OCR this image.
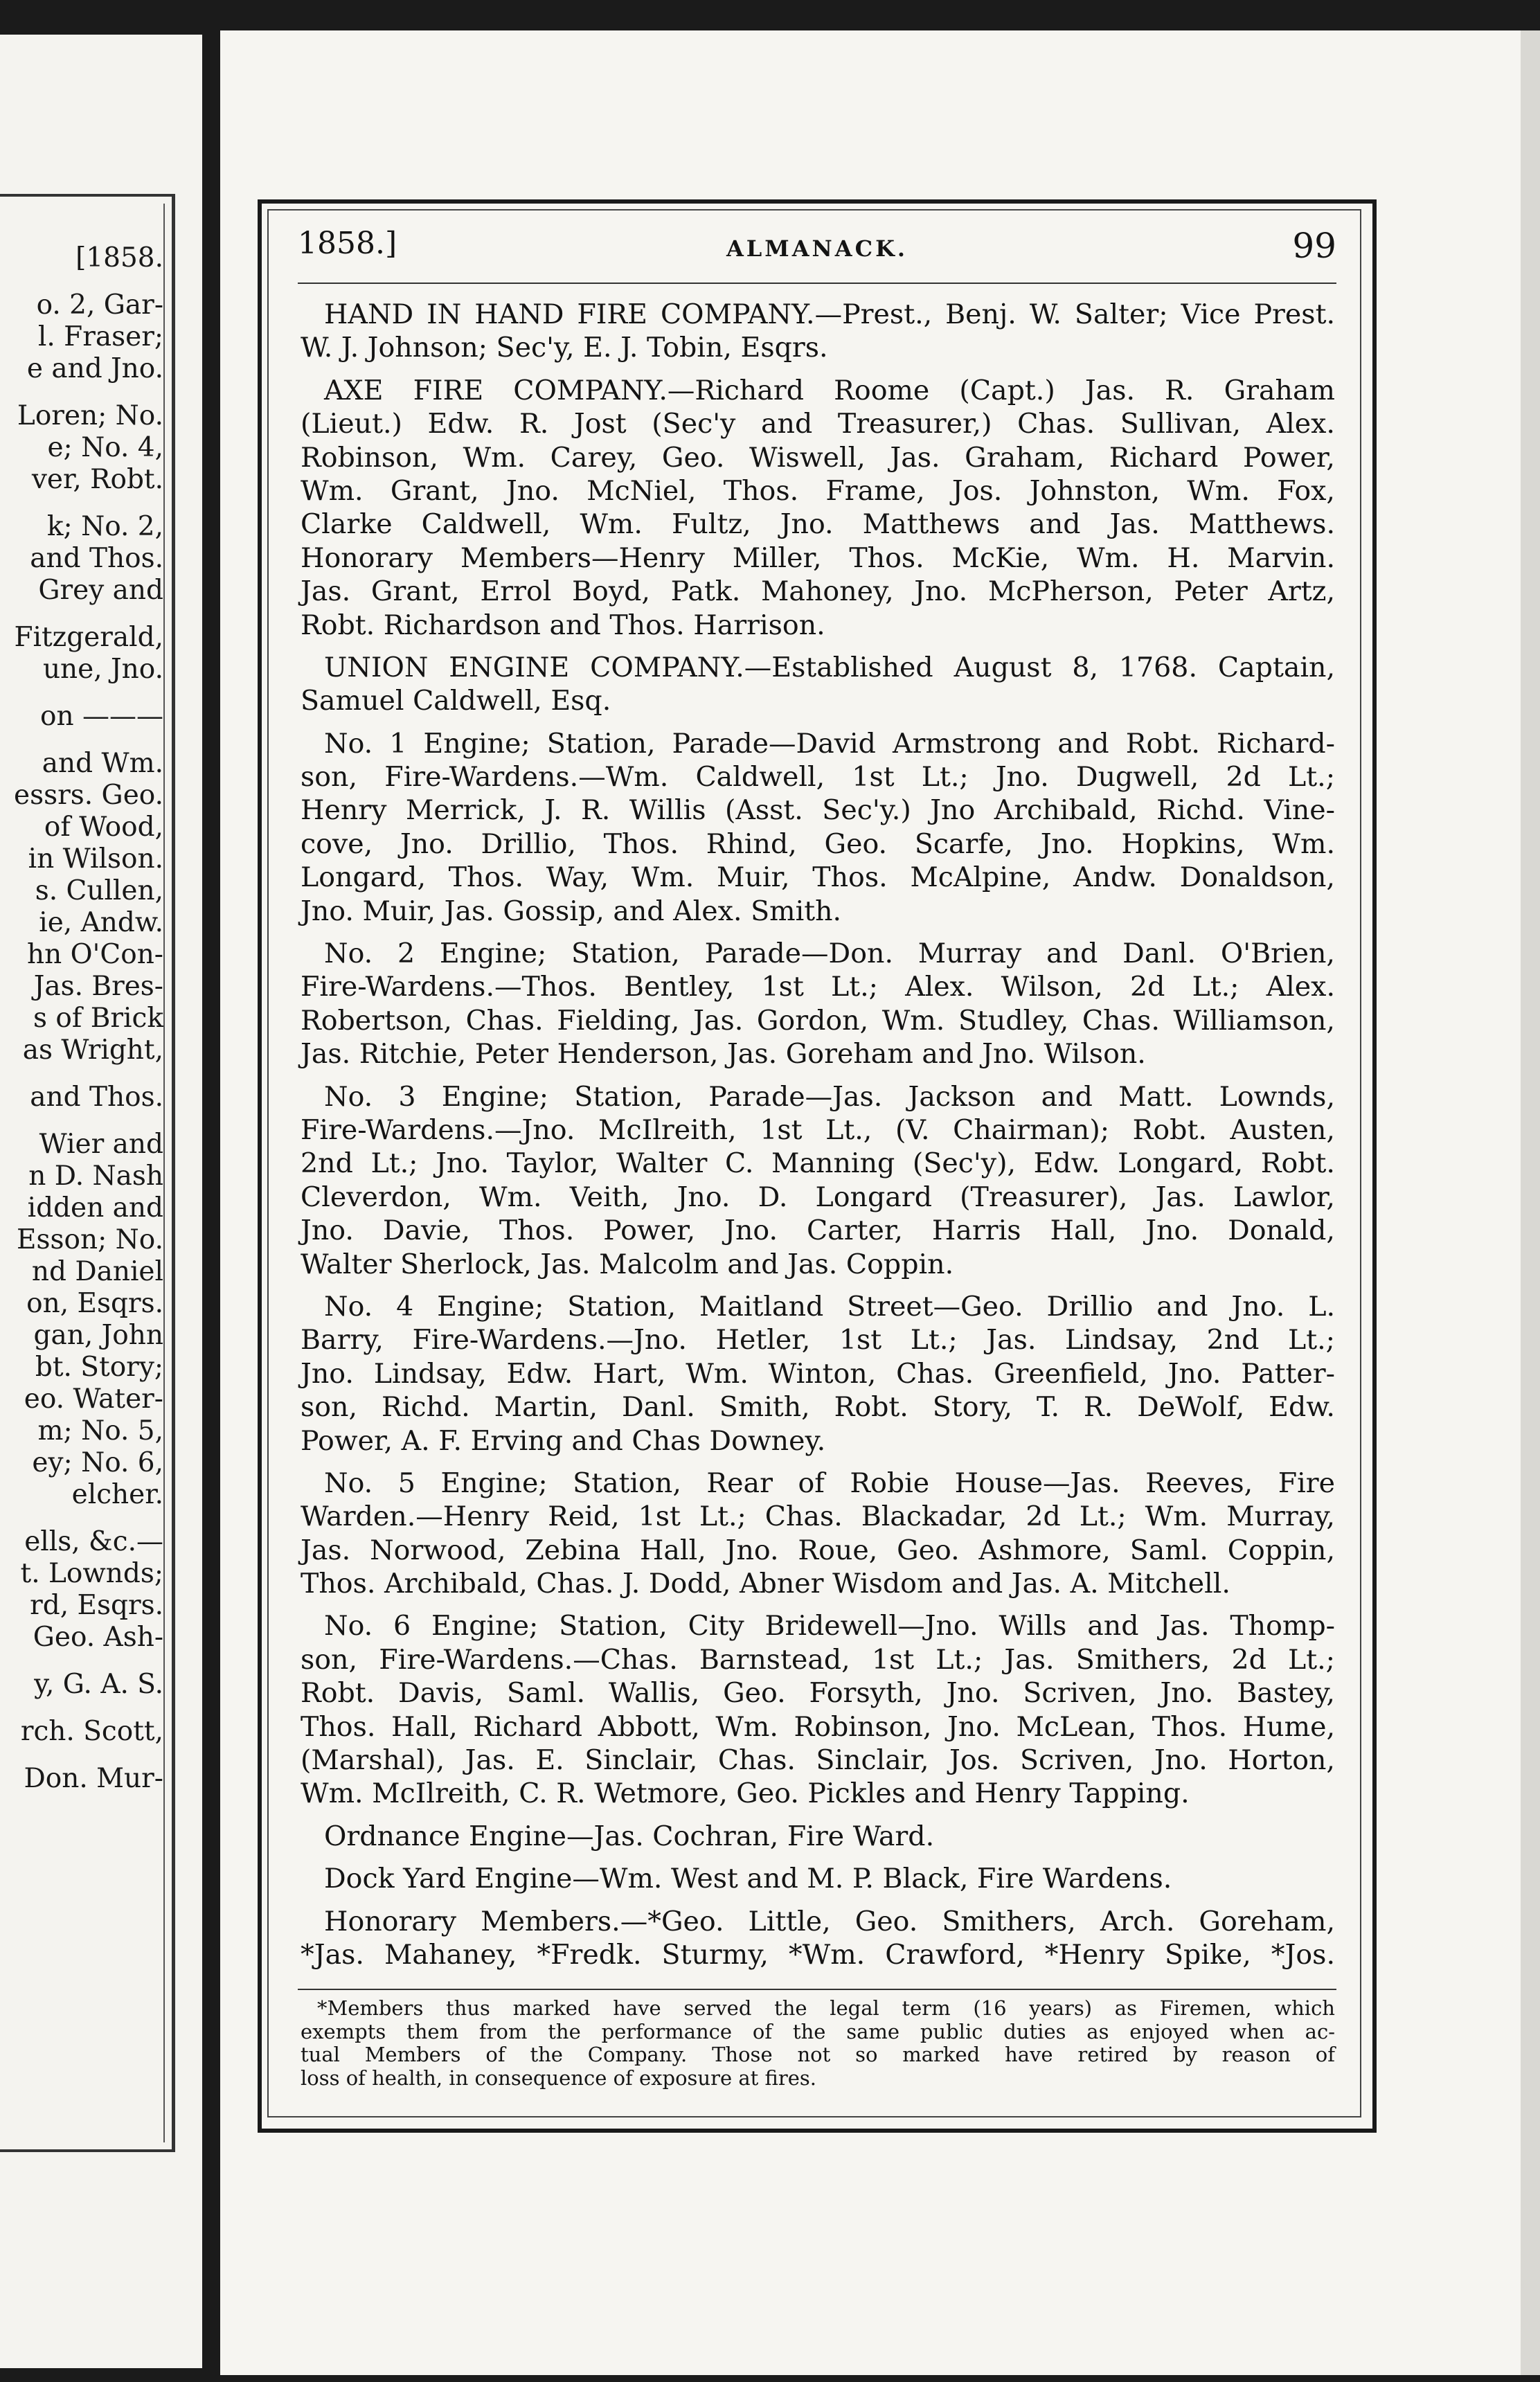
[1858.
o. 2, Gar-
l. Fraser;
e and Jno.
Loren; No.
e; No. 4,
ver, Robt.
k; No. 2,
and Thos.
Grey and
Fitzgerald,
une, Jno.
on ———
and Wm.
essrs. Geo.
of Wood,
in Wilson.
s. Cullen,
ie, Andw.
hn O'Con-
Jas. Bres-
s of Brick
as Wright,
and Thos.
Wier and
n D. Nash
idden and
Esson; No.
nd Daniel
on, Esqrs.
gan, John
bt. Story;
eo. Water-
m; No. 5,
ey; No. 6,
elcher.
ells, &c.—
t. Lownds;
rd, Esqrs.
Geo. Ash-
y, G. A. S.
rch. Scott,
Don. Mur-
1858.]	ALMANACK.	99
HAND IN HAND FIRE COMPANY.—Prest., Benj. W. Salter; Vice Prest.
W. J. Johnson; Sec'y, E. J. Tobin, Esqrs.
AXE FIRE COMPANY.—Richard Roome (Capt.) Jas. R. Graham
(Lieut.) Edw. R. Jost (Sec'y and Treasurer,) Chas. Sullivan, Alex.
Robinson, Wm. Carey, Geo. Wiswell, Jas. Graham, Richard Power,
Wm. Grant, Jno. McNiel, Thos. Frame, Jos. Johnston, Wm. Fox,
Clarke Caldwell, Wm. Fultz, Jno. Matthews and Jas. Matthews.
Honorary Members—Henry Miller, Thos. McKie, Wm. H. Marvin.
Jas. Grant, Errol Boyd, Patk. Mahoney, Jno. McPherson, Peter Artz,
Robt. Richardson and Thos. Harrison.
UNION ENGINE COMPANY.—Established August 8, 1768. Captain,
Samuel Caldwell, Esq.
No. 1 Engine; Station, Parade—David Armstrong and Robt. Richard-
son, Fire-Wardens.—Wm. Caldwell, 1st Lt.; Jno. Dugwell, 2d Lt.;
Henry Merrick, J. R. Willis (Asst. Sec'y.) Jno Archibald, Richd. Vine-
cove, Jno. Drillio, Thos. Rhind, Geo. Scarfe, Jno. Hopkins, Wm.
Longard, Thos. Way, Wm. Muir, Thos. McAlpine, Andw. Donaldson,
Jno. Muir, Jas. Gossip, and Alex. Smith.
No. 2 Engine; Station, Parade—Don. Murray and Danl. O'Brien,
Fire-Wardens.—Thos. Bentley, 1st Lt.; Alex. Wilson, 2d Lt.; Alex.
Robertson, Chas. Fielding, Jas. Gordon, Wm. Studley, Chas. Williamson,
Jas. Ritchie, Peter Henderson, Jas. Goreham and Jno. Wilson.
No. 3 Engine; Station, Parade—Jas. Jackson and Matt. Lownds,
Fire-Wardens.—Jno. McIlreith, 1st Lt., (V. Chairman); Robt. Austen,
2nd Lt.; Jno. Taylor, Walter C. Manning (Sec'y), Edw. Longard, Robt.
Cleverdon, Wm. Veith, Jno. D. Longard (Treasurer), Jas. Lawlor,
Jno. Davie, Thos. Power, Jno. Carter, Harris Hall, Jno. Donald,
Walter Sherlock, Jas. Malcolm and Jas. Coppin.
No. 4 Engine; Station, Maitland Street—Geo. Drillio and Jno. L.
Barry, Fire-Wardens.—Jno. Hetler, 1st Lt.; Jas. Lindsay, 2nd Lt.;
Jno. Lindsay, Edw. Hart, Wm. Winton, Chas. Greenfield, Jno. Patter-
son, Richd. Martin, Danl. Smith, Robt. Story, T. R. DeWolf, Edw.
Power, A. F. Erving and Chas Downey.
No. 5 Engine; Station, Rear of Robie House—Jas. Reeves, Fire
Warden.—Henry Reid, 1st Lt.; Chas. Blackadar, 2d Lt.; Wm. Murray,
Jas. Norwood, Zebina Hall, Jno. Roue, Geo. Ashmore, Saml. Coppin,
Thos. Archibald, Chas. J. Dodd, Abner Wisdom and Jas. A. Mitchell.
No. 6 Engine; Station, City Bridewell—Jno. Wills and Jas. Thomp-
son, Fire-Wardens.—Chas. Barnstead, 1st Lt.; Jas. Smithers, 2d Lt.;
Robt. Davis, Saml. Wallis, Geo. Forsyth, Jno. Scriven, Jno. Bastey,
Thos. Hall, Richard Abbott, Wm. Robinson, Jno. McLean, Thos. Hume,
(Marshal), Jas. E. Sinclair, Chas. Sinclair, Jos. Scriven, Jno. Horton,
Wm. McIlreith, C. R. Wetmore, Geo. Pickles and Henry Tapping.
Ordnance Engine—Jas. Cochran, Fire Ward.
Dock Yard Engine—Wm. West and M. P. Black, Fire Wardens.
Honorary Members.—*Geo. Little, Geo. Smithers, Arch. Goreham,
*Jas. Mahaney, *Fredk. Sturmy, *Wm. Crawford, *Henry Spike, *Jos.
*Members thus marked have served the legal term (16 years) as Firemen, which
exempts them from the performance of the same public duties as enjoyed when ac-
tual Members of the Company. Those not so marked have retired by reason of
loss of health, in consequence of exposure at fires.
